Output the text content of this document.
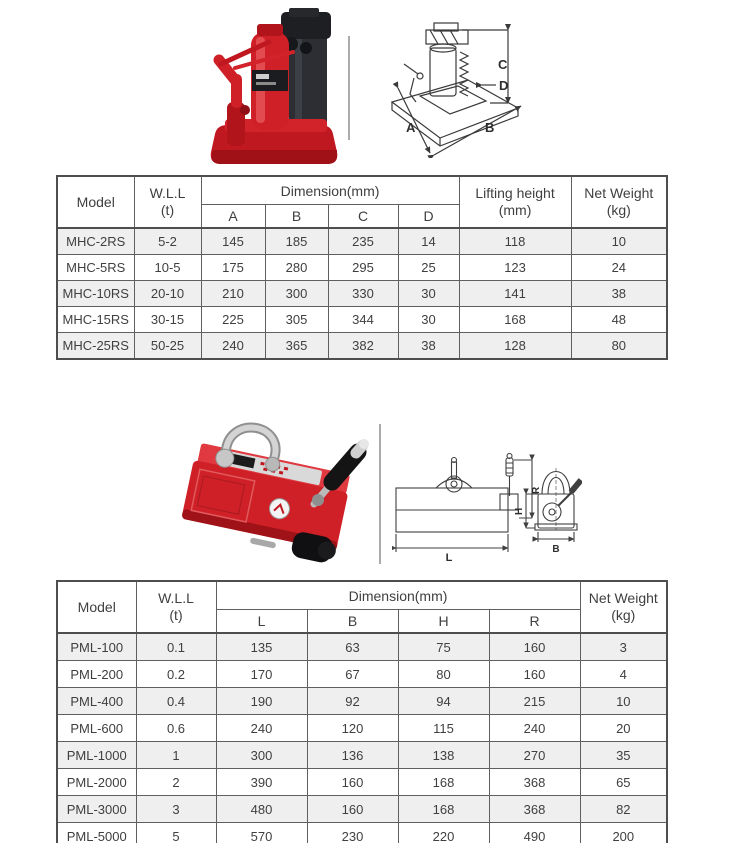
C
D
A	B
Model	
W.L.L
(t)
	Dimension(mm)	Lifting height
(mm)

Net Weight
(kg)

		A	B	C	D		
MHC-2RS	5-2	145	185	235	14	118	10
MHC-5RS	10-5	175	280	295	25	123	24
MHC-10RS	20-10	210	300	330	30	141	38
MHC-15RS	30-15	225	305	344	30	168	48
MHC-25RS	50-25	240	365	382	38	128	80
R
L
H
B
Model	
W.L.L
(t)
	Dimension(mm)	Net Weight
(kg)

		L	B	H	R	
PML-100	0.1	135	63	75	160	3
PML-200	0.2	170	67	80	160	4
PML-400	0.4	190	92	94	215	10
PML-600	0.6	240	120	115	240	20
PML-1000	1	300	136	138	270	35
PML-2000	2	390	160	168	368	65
PML-3000	3	480	160	168	368	82
PML-5000	5	570	230	220	490	200
